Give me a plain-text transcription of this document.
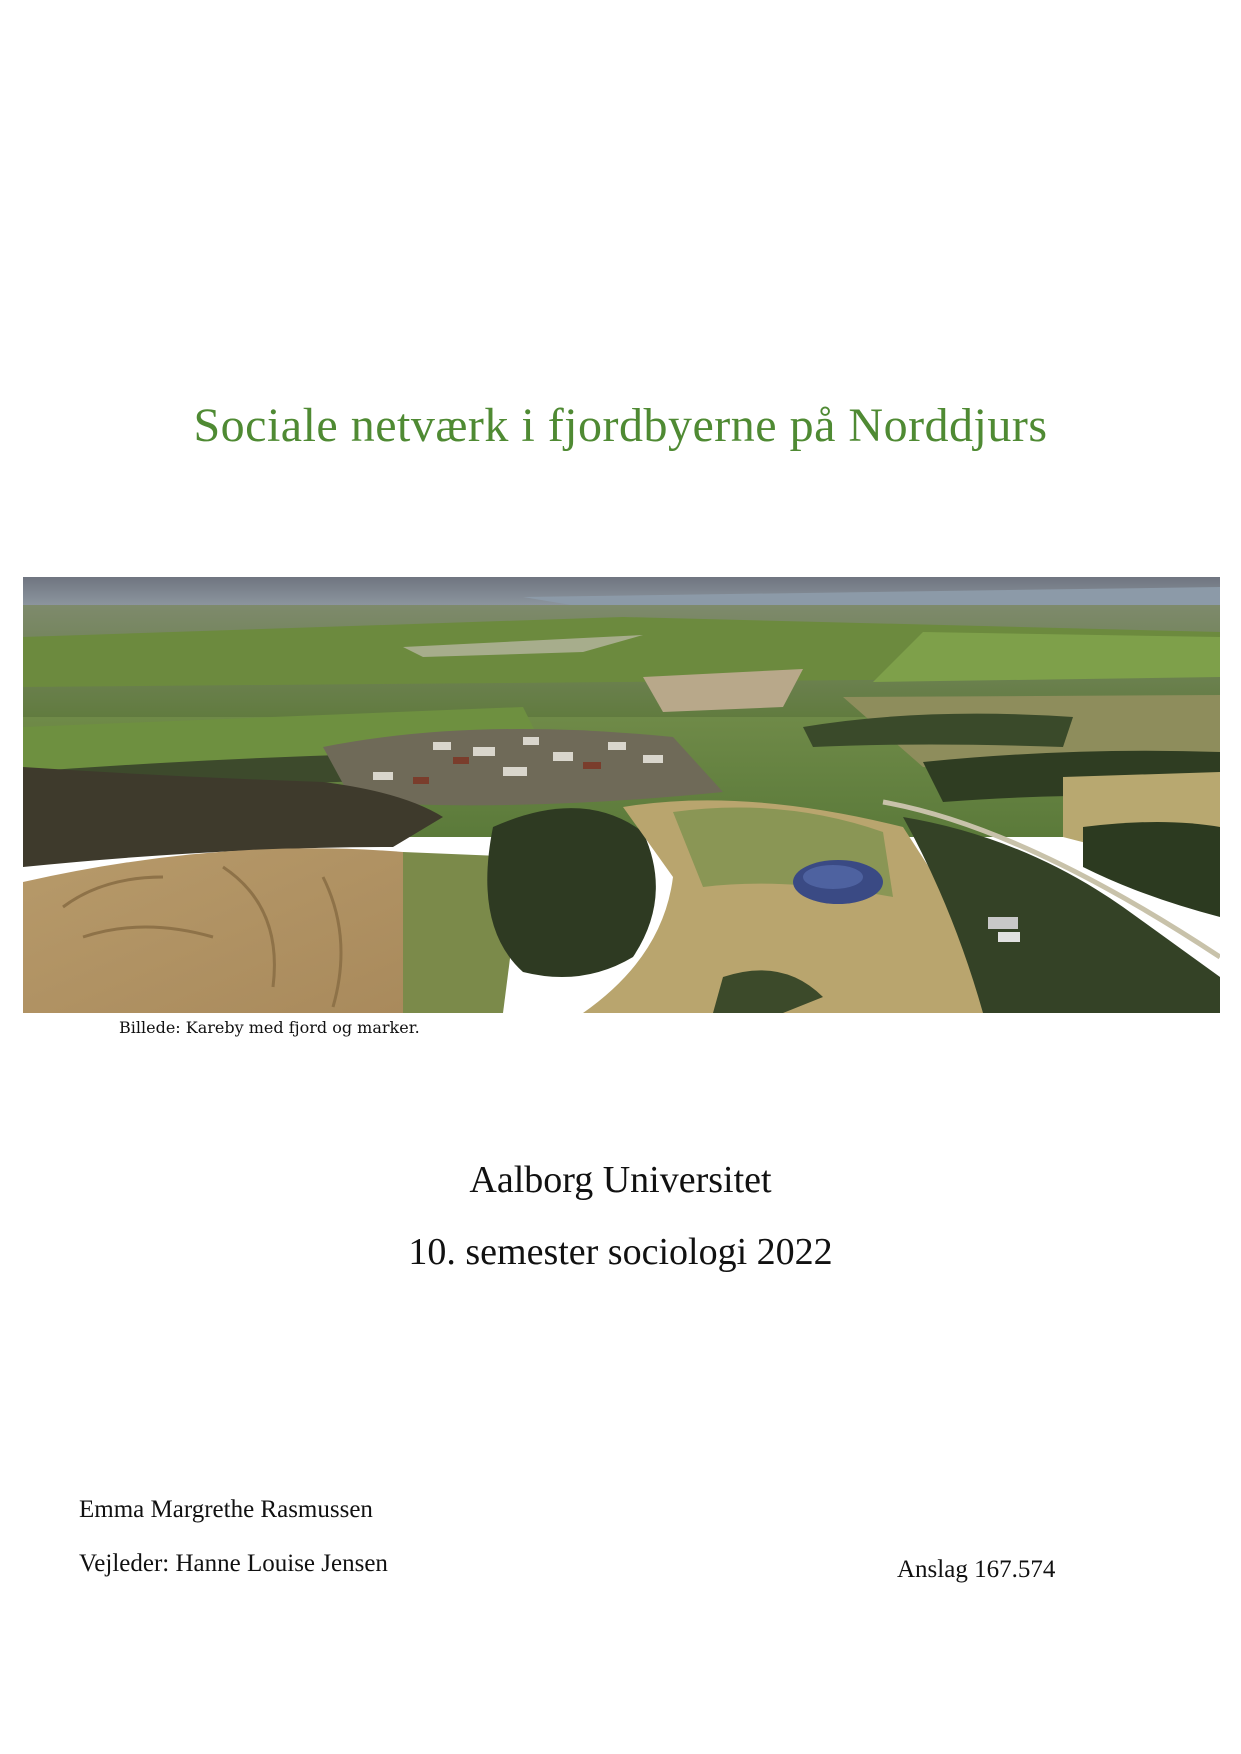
Sociale netværk i fjordbyerne på Norddjurs
Billede: Kareby med fjord og marker.
Aalborg Universitet
10. semester sociologi 2022
Emma Margrethe Rasmussen
Vejleder: Hanne Louise Jensen	Anslag 167.574
